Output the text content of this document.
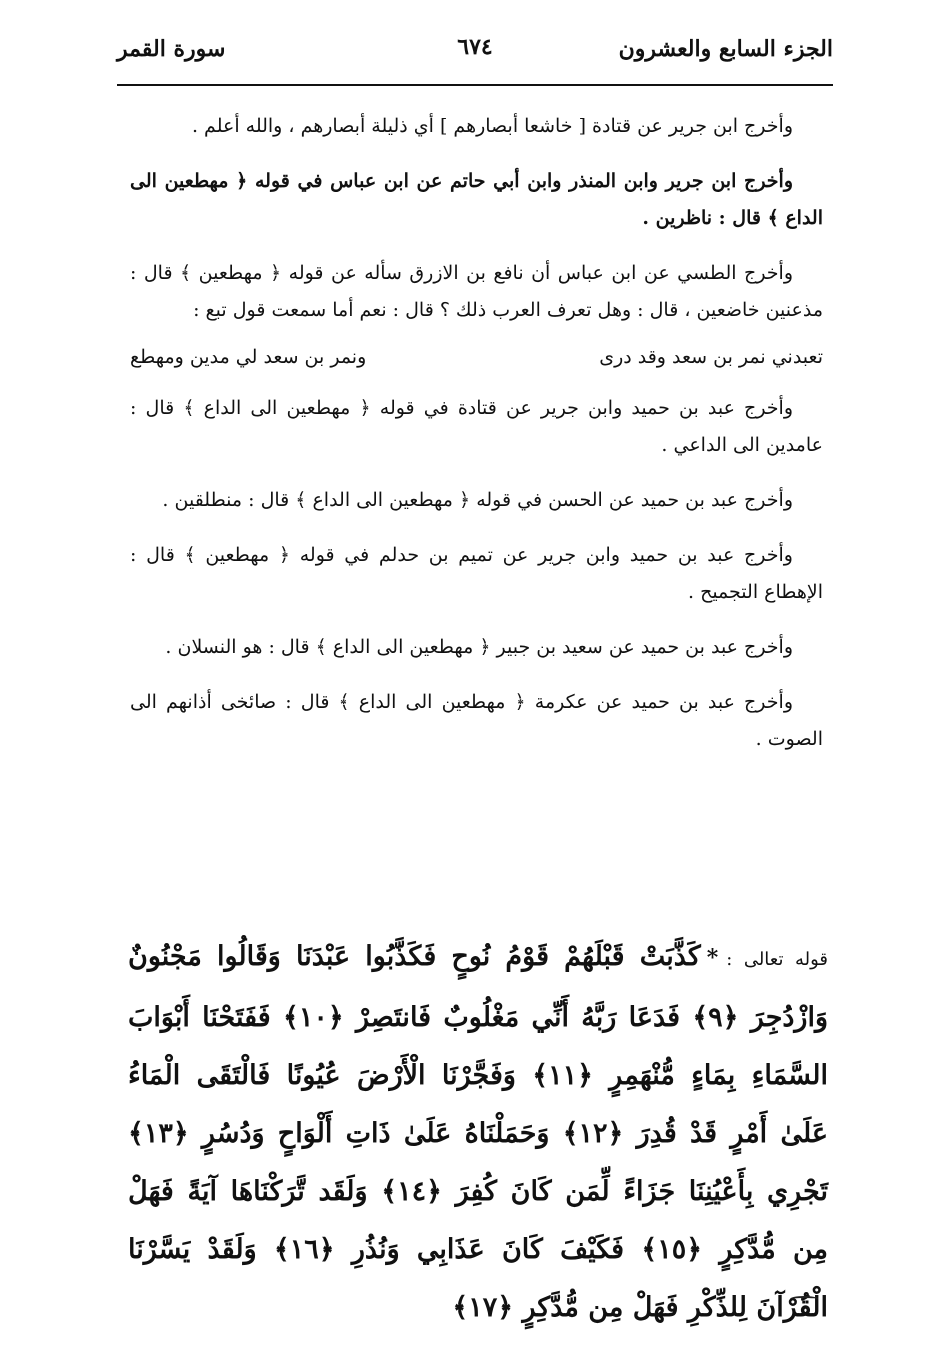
الجزء السابع والعشرون
٦٧٤
سورة القمر

وأخرج ابن جرير عن قتادة [ خاشعا أبصارهم ] أي ذليلة أبصارهم ، والله أعلم .

وأخرج ابن جرير وابن المنذر وابن أبي حاتم عن ابن عباس في قوله ﴿ مهطعين الى الداع ﴾ قال : ناظرين .

وأخرج الطسي عن ابن عباس أن نافع بن الازرق سأله عن قوله ﴿ مهطعين ﴾ قال : مذعنين خاضعين ، قال : وهل تعرف العرب ذلك ؟ قال : نعم أما سمعت قول تبع :

تعبدني نمر بن سعد وقد درى
ونمر بن سعد لي مدين ومهطع

وأخرج عبد بن حميد وابن جرير عن قتادة في قوله ﴿ مهطعين الى الداع ﴾ قال : عامدين الى الداعي .

وأخرج عبد بن حميد عن الحسن في قوله ﴿ مهطعين الى الداع ﴾ قال : منطلقين .

وأخرج عبد بن حميد وابن جرير عن تميم بن حدلم في قوله ﴿ مهطعين ﴾ قال : الإهطاع التجميح .

وأخرج عبد بن حميد عن سعيد بن جبير ﴿ مهطعين الى الداع ﴾ قال : هو النسلان .

وأخرج عبد بن حميد عن عكرمة ﴿ مهطعين الى الداع ﴾ قال : صائخى أذانهم الى الصوت .

قوله تعالى :*كَذَّبَتْ قَبْلَهُمْ قَوْمُ نُوحٍ فَكَذَّبُوا عَبْدَنَا وَقَالُوا مَجْنُونٌ وَازْدُجِرَ ﴿٩﴾ فَدَعَا رَبَّهُ أَنِّي مَغْلُوبٌ فَانتَصِرْ ﴿١٠﴾ فَفَتَحْنَا أَبْوَابَ السَّمَاءِ بِمَاءٍ مُّنْهَمِرٍ ﴿١١﴾ وَفَجَّرْنَا الْأَرْضَ عُيُونًا فَالْتَقَى الْمَاءُ عَلَىٰ أَمْرٍ قَدْ قُدِرَ ﴿١٢﴾ وَحَمَلْنَاهُ عَلَىٰ ذَاتِ أَلْوَاحٍ وَدُسُرٍ ﴿١٣﴾ تَجْرِي بِأَعْيُنِنَا جَزَاءً لِّمَن كَانَ كُفِرَ ﴿١٤﴾ وَلَقَد تَّرَكْنَاهَا آيَةً فَهَلْ مِن مُّدَّكِرٍ ﴿١٥﴾ فَكَيْفَ كَانَ عَذَابِي وَنُذُرِ ﴿١٦﴾ وَلَقَدْ يَسَّرْنَا الْقُرْآنَ لِلذِّكْرِ فَهَلْ مِن مُّدَّكِرٍ ﴿١٧﴾
